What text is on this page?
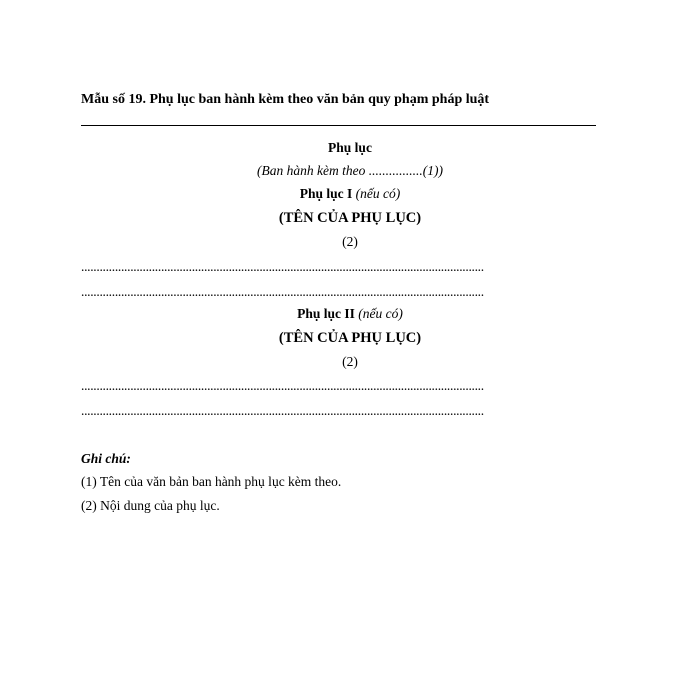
Mẫu số 19. Phụ lục ban hành kèm theo văn bản quy phạm pháp luật
Phụ lục
(Ban hành kèm theo ................(1))
Phụ lục I (nếu có)
(TÊN CỦA PHỤ LỤC)
(2)
...................................................................................................................................
...................................................................................................................................
Phụ lục II (nếu có)
(TÊN CỦA PHỤ LỤC)
(2)
...................................................................................................................................
...................................................................................................................................
Ghi chú:
(1) Tên của văn bản ban hành phụ lục kèm theo.
(2) Nội dung của phụ lục.
